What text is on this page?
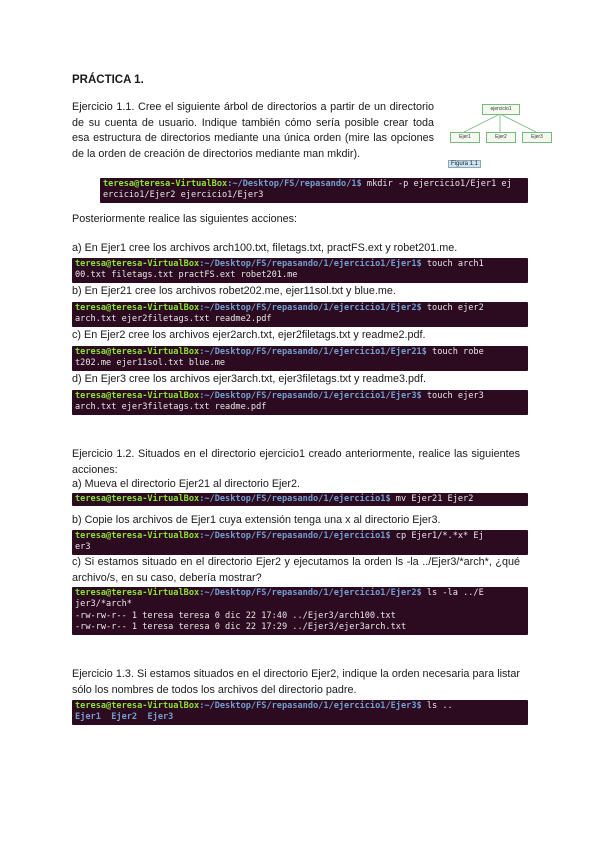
PRÁCTICA 1.
Ejercicio 1.1. Cree el siguiente árbol de directorios a partir de un directorio de su cuenta de usuario. Indique también cómo sería posible crear toda esa estructura de directorios mediante una única orden (mire las opciones de la orden de creación de directorios mediante man mkdir).
ejercicio1
Ejer1	Ejer2	Ejer3
Figura 1.1
teresa@teresa-VirtualBox:~/Desktop/FS/repasando/1$ mkdir -p ejercicio1/Ejer1 ej
ercicio1/Ejer2 ejercicio1/Ejer3
Posteriormente realice las siguientes acciones:
a) En Ejer1 cree los archivos arch100.txt, filetags.txt, practFS.ext y robet201.me.
teresa@teresa-VirtualBox:~/Desktop/FS/repasando/1/ejercicio1/Ejer1$ touch arch1
00.txt filetags.txt practFS.ext robet201.me
b) En Ejer21 cree los archivos robet202.me, ejer11sol.txt y blue.me.
teresa@teresa-VirtualBox:~/Desktop/FS/repasando/1/ejercicio1/Ejer2$ touch ejer2
arch.txt ejer2filetags.txt readme2.pdf
c) En Ejer2 cree los archivos ejer2arch.txt, ejer2filetags.txt y readme2.pdf.
teresa@teresa-VirtualBox:~/Desktop/FS/repasando/1/ejercicio1/Ejer21$ touch robe
t202.me ejer11sol.txt blue.me
d) En Ejer3 cree los archivos ejer3arch.txt, ejer3filetags.txt y readme3.pdf.
teresa@teresa-VirtualBox:~/Desktop/FS/repasando/1/ejercicio1/Ejer3$ touch ejer3
arch.txt ejer3filetags.txt readme.pdf
Ejercicio 1.2. Situados en el directorio ejercicio1 creado anteriormente, realice las siguientes acciones:
a) Mueva el directorio Ejer21 al directorio Ejer2.
teresa@teresa-VirtualBox:~/Desktop/FS/repasando/1/ejercicio1$ mv Ejer21 Ejer2
b) Copie los archivos de Ejer1 cuya extensión tenga una x al directorio Ejer3.
teresa@teresa-VirtualBox:~/Desktop/FS/repasando/1/ejercicio1$ cp Ejer1/*.*x* Ej
er3
c) Si estamos situado en el directorio Ejer2 y ejecutamos la orden ls -la ../Ejer3/*arch*, ¿qué archivo/s, en su caso, debería mostrar?
teresa@teresa-VirtualBox:~/Desktop/FS/repasando/1/ejercicio1/Ejer2$ ls -la ../E
jer3/*arch*
-rw-rw-r-- 1 teresa teresa 0 dic 22 17:40 ../Ejer3/arch100.txt
-rw-rw-r-- 1 teresa teresa 0 dic 22 17:29 ../Ejer3/ejer3arch.txt
Ejercicio 1.3. Si estamos situados en el directorio Ejer2, indique la orden necesaria para listar sólo los nombres de todos los archivos del directorio padre.
teresa@teresa-VirtualBox:~/Desktop/FS/repasando/1/ejercicio1/Ejer3$ ls ..
Ejer1 Ejer2 Ejer3
